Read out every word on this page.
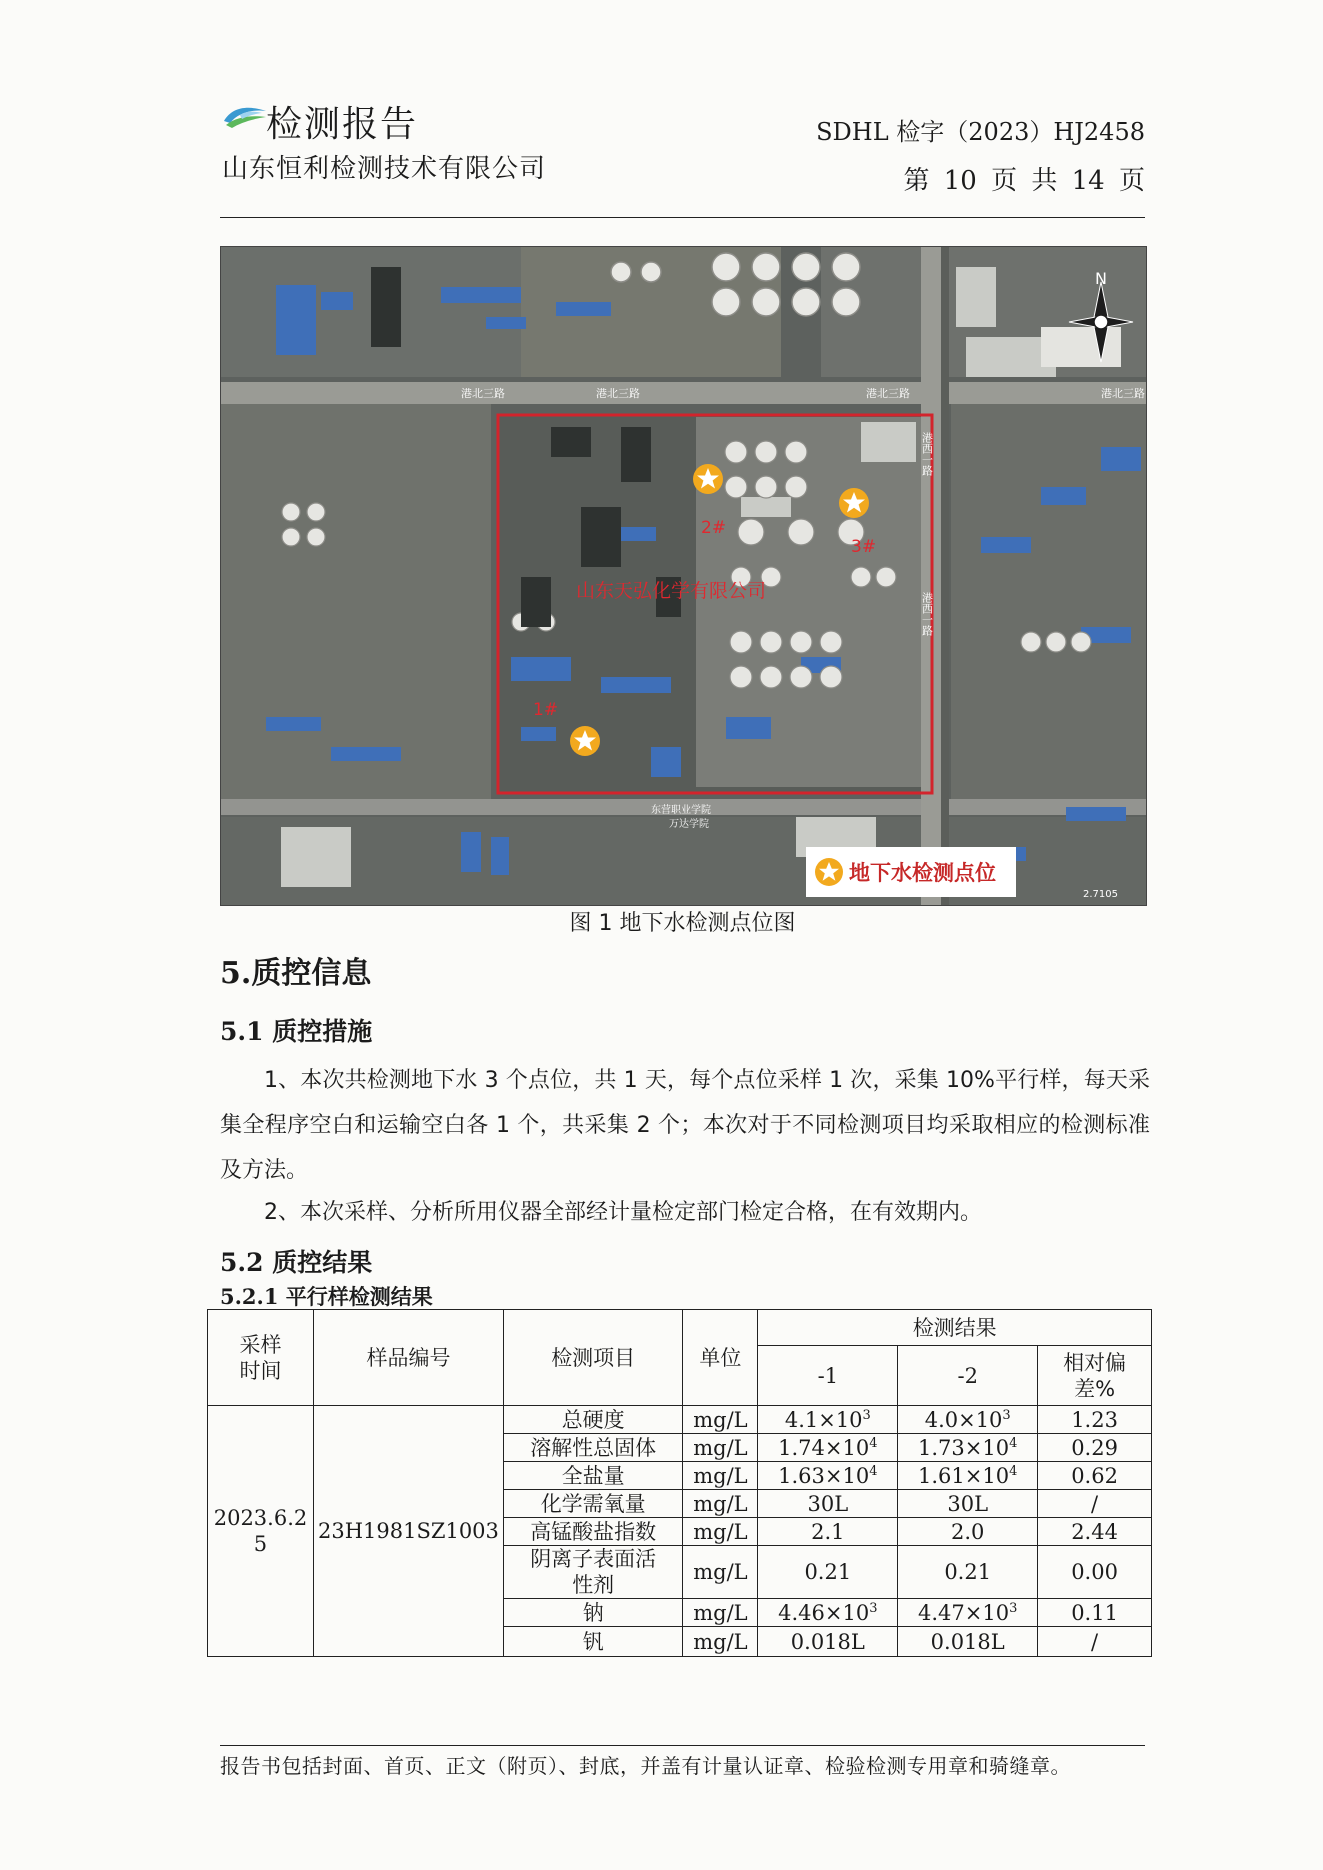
检测报告
山东恒利检测技术有限公司
SDHL 检字（2023）HJ2458
第 10 页 共 14 页
港北三路	港北三路	港北三路	港北三路
港西一路
港西一路
东营职业学院
万达学院
山东天弘化学有限公司
2#
3#
1#
N
地下水检测点位
2.7105
图 1 地下水检测点位图
5.质控信息
5.1 质控措施
1、本次共检测地下水 3 个点位，共 1 天，每个点位采样 1 次，采集 10%平行样，每天采集全程序空白和运输空白各 1 个，共采集 2 个；本次对于不同检测项目均采取相应的检测标准及方法。
2、本次采样、分析所用仪器全部经计量检定部门检定合格，在有效期内。
5.2 质控结果
5.2.1 平行样检测结果
采样
时间	样品编号	检测项目	单位	检测结果		
				-1	-2	相对偏
差%
2023.6.2
5	23H1981SZ1003	总硬度	mg/L	$4.1\times 10^3$	$4.0\times 10^3$	1.23
		溶解性总固体	mg/L	$1.74\times 10^4$	$1.73\times 10^4$	0.29
		全盐量	mg/L	$1.63\times 10^4$	$1.61\times 10^4$	0.62
		化学需氧量	mg/L	30L	30L	/
		高锰酸盐指数	mg/L	2.1	2.0	2.44
		阴离子表面活
性剂	mg/L	0.21	0.21	0.00
		钠	mg/L	$4.46\times 10^3$	$4.47\times 10^3$	0.11
		钒	mg/L	0.018L	0.018L	/
报告书包括封面、首页、正文（附页）、封底，并盖有计量认证章、检验检测专用章和骑缝章。
